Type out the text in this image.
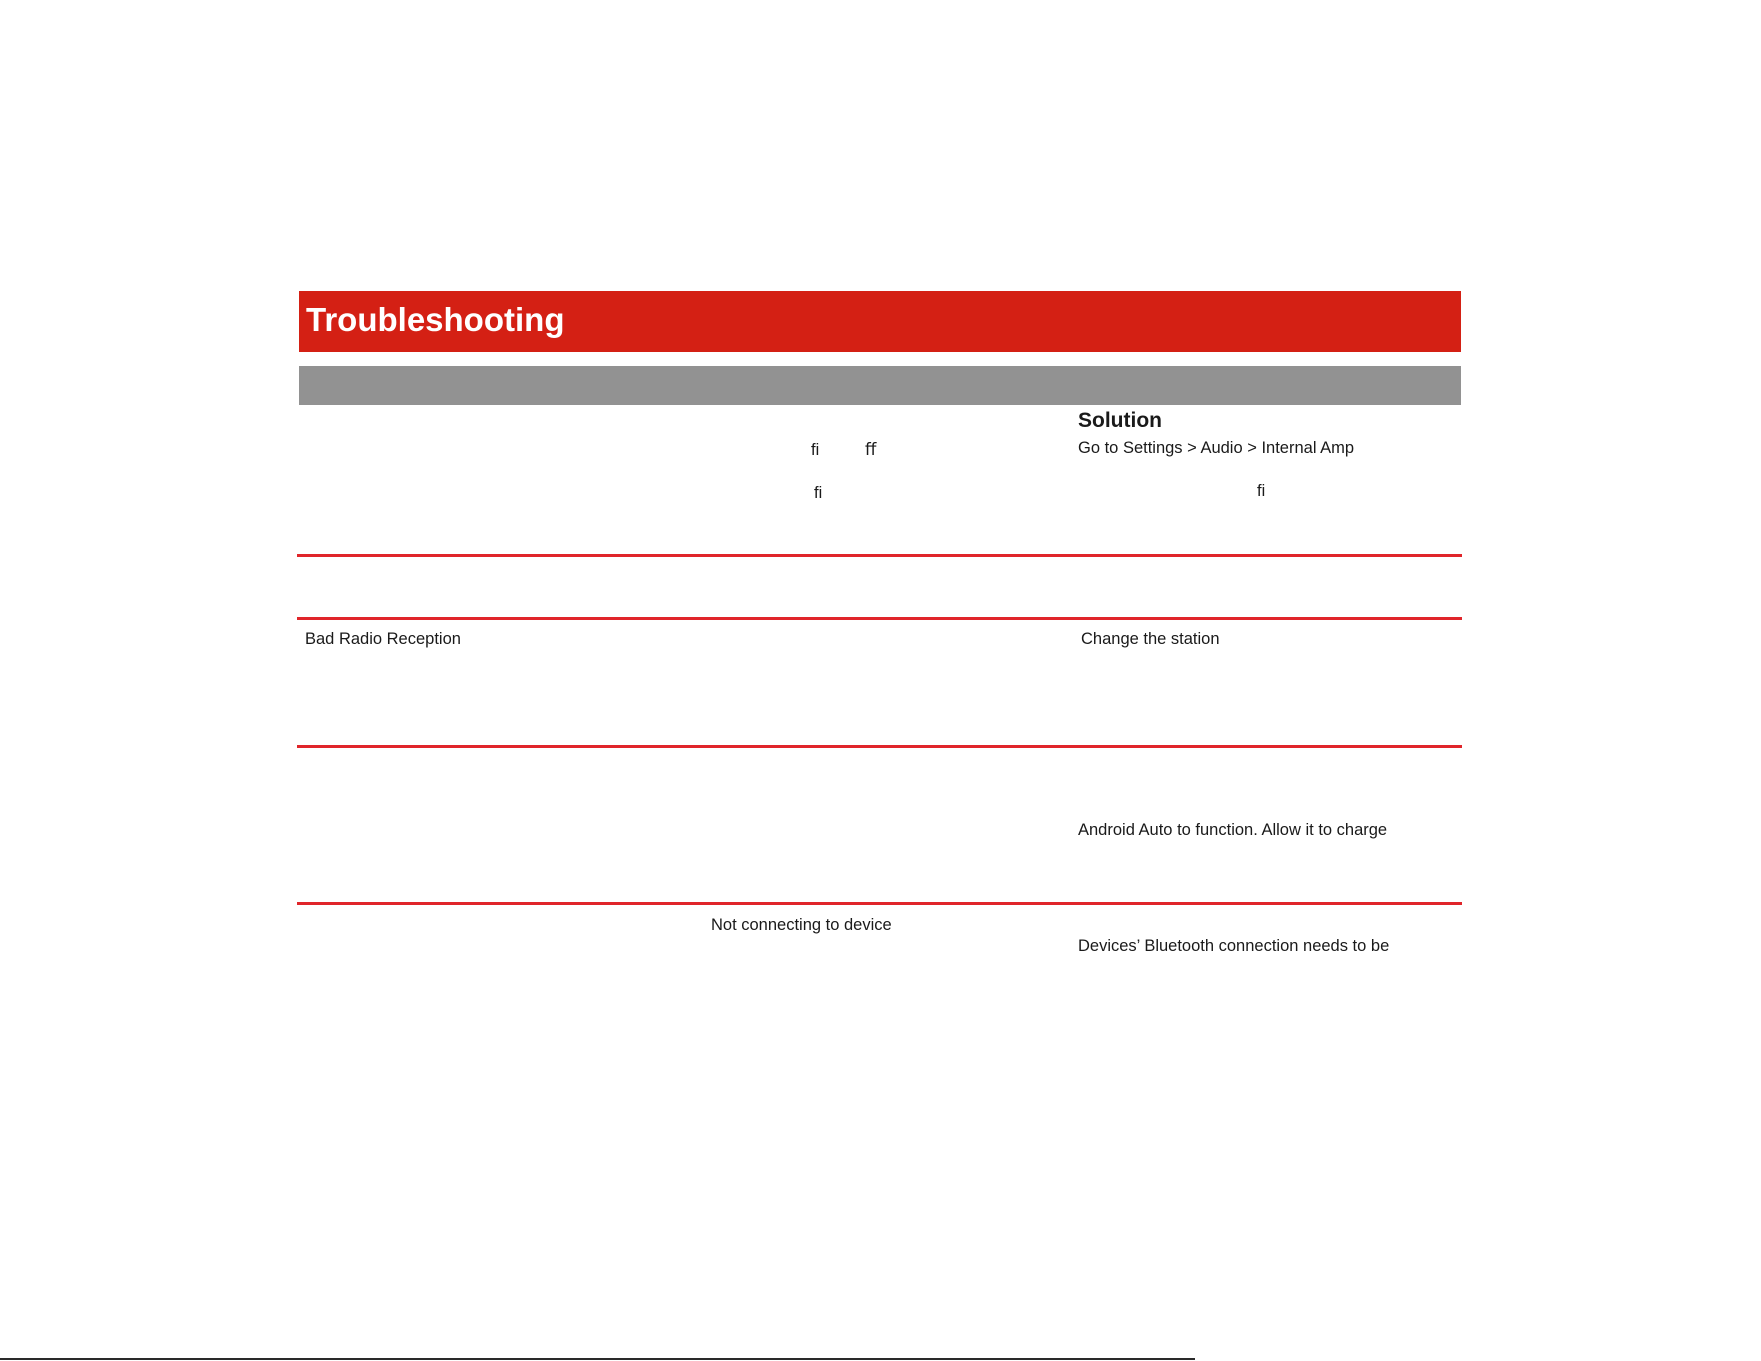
Troubleshooting
Solution
ﬁ	ﬀ
ﬁ
Go to Settings > Audio > Internal Amp
ﬁ
Bad Radio Reception	Change the station
Android Auto to function. Allow it to charge
Not connecting to device
Devices’ Bluetooth connection needs to be
